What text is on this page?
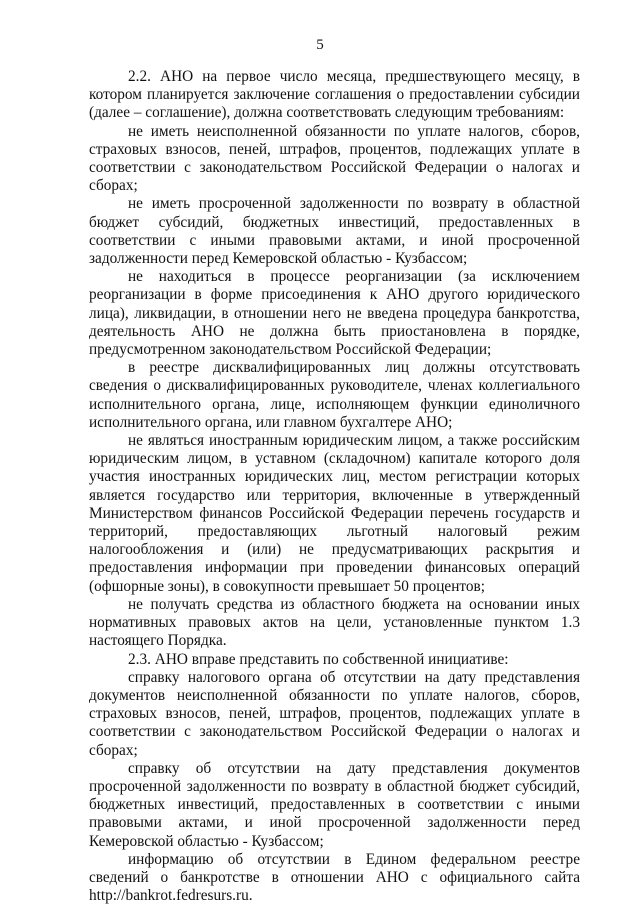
5

2.2. АНО на первое число месяца, предшествующего месяцу, в котором планируется заключение соглашения о предоставлении субсидии (далее – соглашение), должна соответствовать следующим требованиям:

не иметь неисполненной обязанности по уплате налогов, сборов, страховых взносов, пеней, штрафов, процентов, подлежащих уплате в соответствии с законодательством Российской Федерации о налогах и сборах;

не иметь просроченной задолженности по возврату в областной бюджет субсидий, бюджетных инвестиций, предоставленных в соответствии с иными правовыми актами, и иной просроченной задолженности перед Кемеровской областью - Кузбассом;

не находиться в процессе реорганизации (за исключением реорганизации в форме присоединения к АНО другого юридического лица), ликвидации, в отношении него не введена процедура банкротства, деятельность АНО не должна быть приостановлена в порядке, предусмотренном законодательством Российской Федерации;

в реестре дисквалифицированных лиц должны отсутствовать сведения о дисквалифицированных руководителе, членах коллегиального исполнительного органа, лице, исполняющем функции единоличного исполнительного органа, или главном бухгалтере АНО;

не являться иностранным юридическим лицом, а также российским юридическим лицом, в уставном (складочном) капитале которого доля участия иностранных юридических лиц, местом регистрации которых является государство или территория, включенные в утвержденный Министерством финансов Российской Федерации перечень государств и территорий, предоставляющих льготный налоговый режим налогообложения и (или) не предусматривающих раскрытия и предоставления информации при проведении финансовых операций (офшорные зоны), в совокупности превышает 50 процентов;

не получать средства из областного бюджета на основании иных нормативных правовых актов на цели, установленные пунктом 1.3 настоящего Порядка.

2.3. АНО вправе представить по собственной инициативе:

справку налогового органа об отсутствии на дату представления документов неисполненной обязанности по уплате налогов, сборов, страховых взносов, пеней, штрафов, процентов, подлежащих уплате в соответствии с законодательством Российской Федерации о налогах и сборах;

справку об отсутствии на дату представления документов просроченной задолженности по возврату в областной бюджет субсидий, бюджетных инвестиций, предоставленных в соответствии с иными правовыми актами, и иной просроченной задолженности перед Кемеровской областью - Кузбассом;

информацию об отсутствии в Едином федеральном реестре сведений о банкротстве в отношении АНО с официального сайта http://bankrot.fedresurs.ru.
